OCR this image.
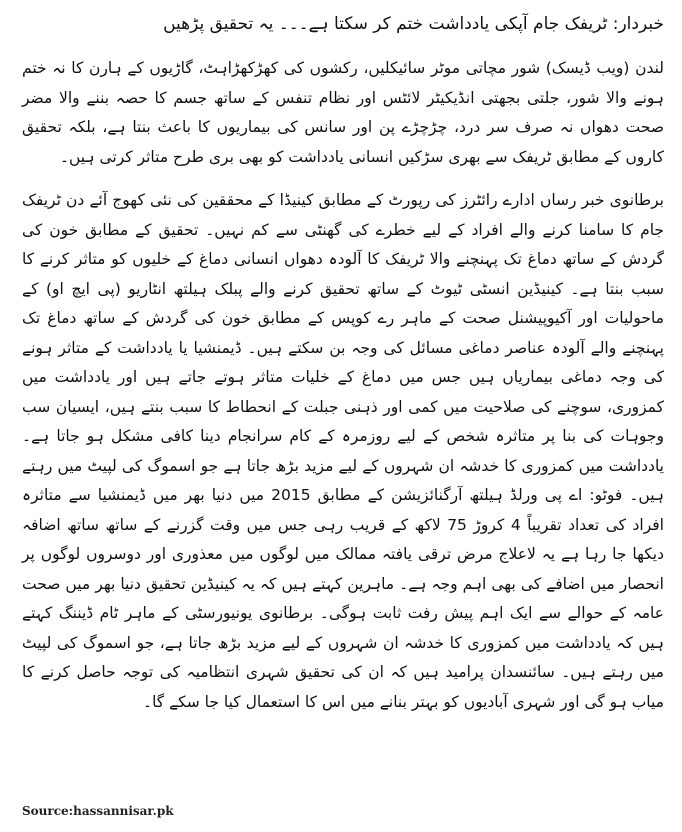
خبردار: ٹریفک جام آپکی یادداشت ختم کر سکتا ہے۔۔۔ یہ تحقیق پڑھیں

لندن (ویب ڈیسک) شور مچاتی موٹر سائیکلیں، رکشوں کی کھڑکھڑاہٹ، گاڑیوں کے ہارن کا نہ ختم ہونے والا شور، جلتی بجھتی انڈیکیٹر لائٹس اور نظام تنفس کے ساتھ جسم کا حصہ بننے والا مضر صحت دھواں نہ صرف سر درد، چڑچڑے پن اور سانس کی بیماریوں کا باعث بنتا ہے، بلکہ تحقیق کاروں کے مطابق ٹریفک سے بھری سڑکیں انسانی یادداشت کو بھی بری طرح متاثر کرتی ہیں۔

برطانوی خبر رساں ادارے رائٹرز کی رپورٹ کے مطابق کینیڈا کے محققین کی نئی کھوج آئے دن ٹریفک جام کا سامنا کرنے والے افراد کے لیے خطرے کی گھنٹی سے کم نہیں۔ تحقیق کے مطابق خون کی گردش کے ساتھ دماغ تک پہنچنے والا ٹریفک کا آلودہ دھواں انسانی دماغ کے خلیوں کو متاثر کرنے کا سبب بنتا ہے۔ کینیڈین انسٹی ٹیوٹ کے ساتھ تحقیق کرنے والے پبلک ہیلتھ انٹاریو (پی ایچ او) کے ماحولیات اور آکیوپیشنل صحت کے ماہر رے کوپس کے مطابق خون کی گردش کے ساتھ دماغ تک پہنچنے والے آلودہ عناصر دماغی مسائل کی وجہ بن سکتے ہیں۔ ڈیمنشیا یا یادداشت کے متاثر ہونے کی وجہ دماغی بیماریاں ہیں جس میں دماغ کے خلیات متاثر ہوتے جاتے ہیں اور یادداشت میں کمزوری، سوچنے کی صلاحیت میں کمی اور ذہنی جبلت کے انحطاط کا سبب بنتے ہیں، ایسیان سب وجوہات کی بنا پر متاثرہ شخص کے لیے روزمرہ کے کام سرانجام دینا کافی مشکل ہو جاتا ہے۔ یادداشت میں کمزوری کا خدشہ ان شہروں کے لیے مزید بڑھ جاتا ہے جو اسموگ کی لپیٹ میں رہتے ہیں۔ فوٹو: اے پی ورلڈ ہیلتھ آرگنائزیشن کے مطابق 2015 میں دنیا بھر میں ڈیمنشیا سے متاثرہ افراد کی تعداد تقریباً 4 کروڑ 75 لاکھ کے قریب رہی جس میں وقت گزرنے کے ساتھ ساتھ اضافہ دیکھا جا رہا ہے یہ لاعلاج مرض ترقی یافتہ ممالک میں لوگوں میں معذوری اور دوسروں لوگوں پر انحصار میں اضافے کی بھی اہم وجہ ہے۔ ماہرین کہتے ہیں کہ یہ کینیڈین تحقیق دنیا بھر میں صحت عامہ کے حوالے سے ایک اہم پیش رفت ثابت ہوگی۔ برطانوی یونیورسٹی کے ماہر ٹام ڈیننگ کہتے ہیں کہ یادداشت میں کمزوری کا خدشہ ان شہروں کے لیے مزید بڑھ جاتا ہے، جو اسموگ کی لپیٹ میں رہتے ہیں۔ سائنسدان پرامید ہیں کہ ان کی تحقیق شہری انتظامیہ کی توجہ حاصل کرنے کا میاب ہو گی اور شہری آبادیوں کو بہتر بنانے میں اس کا استعمال کیا جا سکے گا۔

Source:hassannisar.pk
